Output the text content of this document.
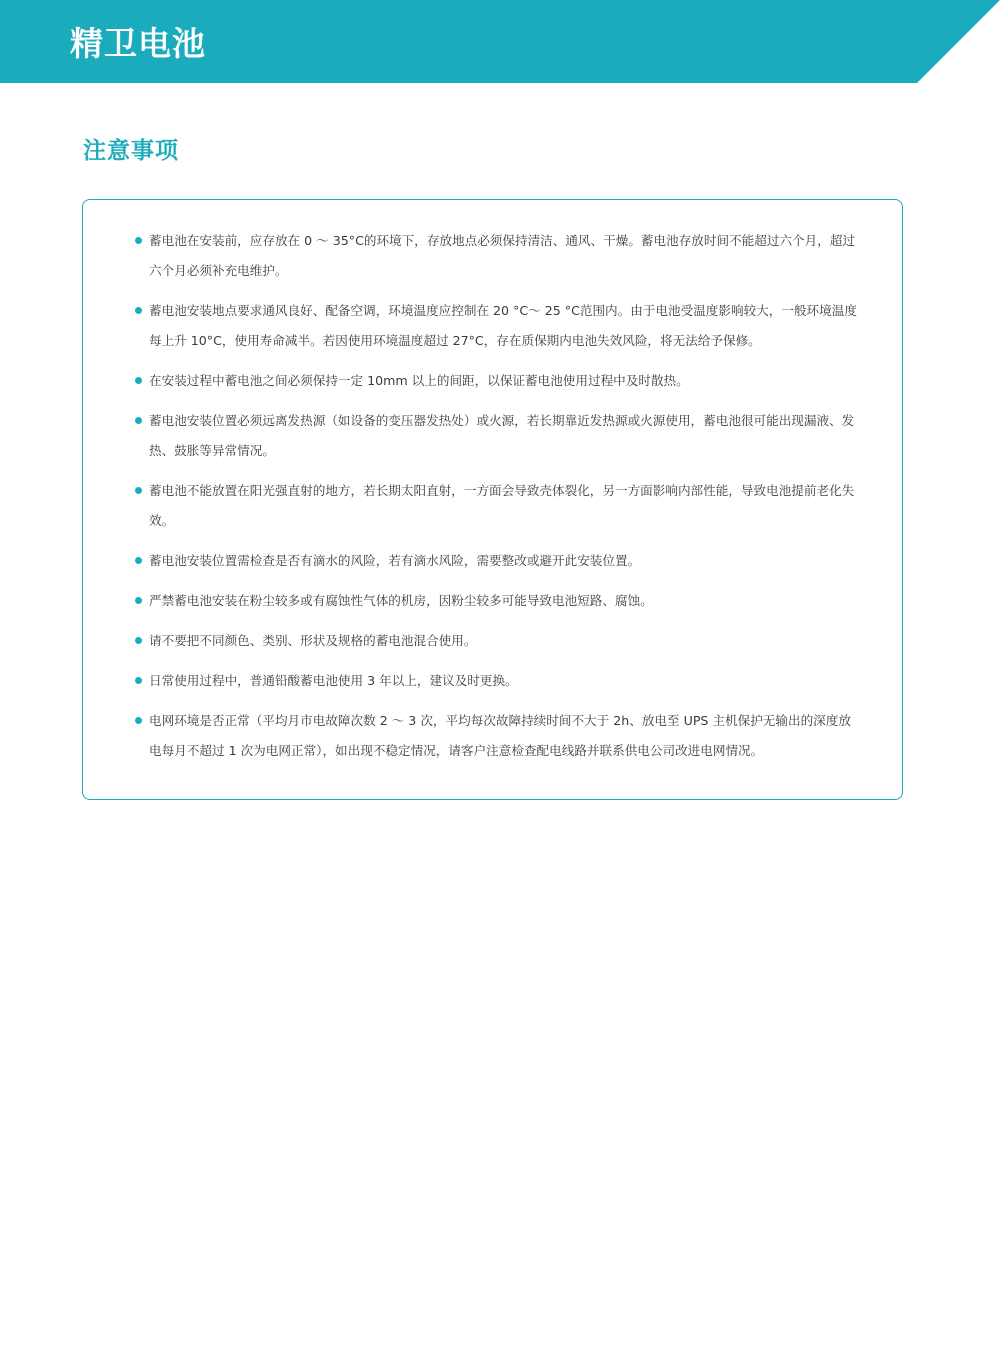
精卫电池
注意事项
蓄电池在安装前，应存放在 0 ～ 35°C的环境下，存放地点必须保持清洁、通风、干燥。蓄电池存放时间不能超过六个月，超过六个月必须补充电维护。
蓄电池安装地点要求通风良好、配备空调，环境温度应控制在 20 °C～ 25 °C范围内。由于电池受温度影响较大，一般环境温度每上升 10°C，使用寿命减半。若因使用环境温度超过 27°C，存在质保期内电池失效风险，将无法给予保修。
在安装过程中蓄电池之间必须保持一定 10mm 以上的间距，以保证蓄电池使用过程中及时散热。
蓄电池安装位置必须远离发热源（如设备的变压器发热处）或火源，若长期靠近发热源或火源使用，蓄电池很可能出现漏液、发热、鼓胀等异常情况。
蓄电池不能放置在阳光强直射的地方，若长期太阳直射，一方面会导致壳体裂化，另一方面影响内部性能，导致电池提前老化失效。
蓄电池安装位置需检查是否有滴水的风险，若有滴水风险，需要整改或避开此安装位置。
严禁蓄电池安装在粉尘较多或有腐蚀性气体的机房，因粉尘较多可能导致电池短路、腐蚀。
请不要把不同颜色、类别、形状及规格的蓄电池混合使用。
日常使用过程中，普通铅酸蓄电池使用 3 年以上，建议及时更换。
电网环境是否正常（平均月市电故障次数 2 ～ 3 次，平均每次故障持续时间不大于 2h、放电至 UPS 主机保护无输出的深度放电每月不超过 1 次为电网正常），如出现不稳定情况，请客户注意检查配电线路并联系供电公司改进电网情况。
